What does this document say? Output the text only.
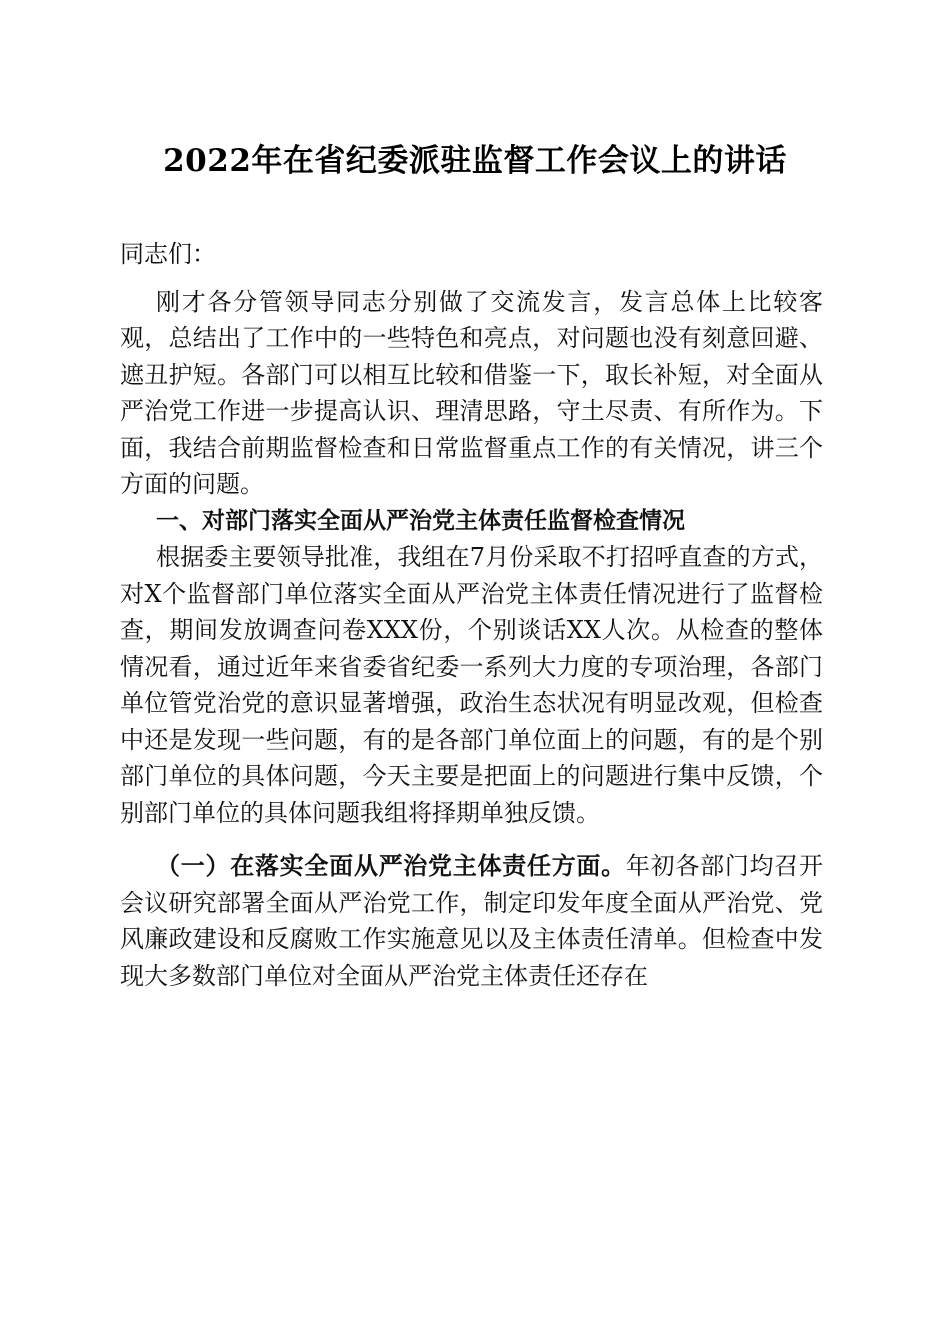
2022年在省纪委派驻监督工作会议上的讲话

同志们：

刚才各分管领导同志分别做了交流发言，发言总体上比较客观，总结出了工作中的一些特色和亮点，对问题也没有刻意回避、遮丑护短。各部门可以相互比较和借鉴一下，取长补短，对全面从严治党工作进一步提高认识、理清思路，守土尽责、有所作为。下面，我结合前期监督检查和日常监督重点工作的有关情况，讲三个方面的问题。

一、对部门落实全面从严治党主体责任监督检查情况

根据委主要领导批准，我组在7月份采取不打招呼直查的方式，对X个监督部门单位落实全面从严治党主体责任情况进行了监督检查，期间发放调查问卷XXX份，个别谈话XX人次。从检查的整体情况看，通过近年来省委省纪委一系列大力度的专项治理，各部门单位管党治党的意识显著增强，政治生态状况有明显改观，但检查中还是发现一些问题，有的是各部门单位面上的问题，有的是个别部门单位的具体问题，今天主要是把面上的问题进行集中反馈，个别部门单位的具体问题我组将择期单独反馈。

（一）在落实全面从严治党主体责任方面。年初各部门均召开会议研究部署全面从严治党工作，制定印发年度全面从严治党、党风廉政建设和反腐败工作实施意见以及主体责任清单。但检查中发现大多数部门单位对全面从严治党主体责任还存在
